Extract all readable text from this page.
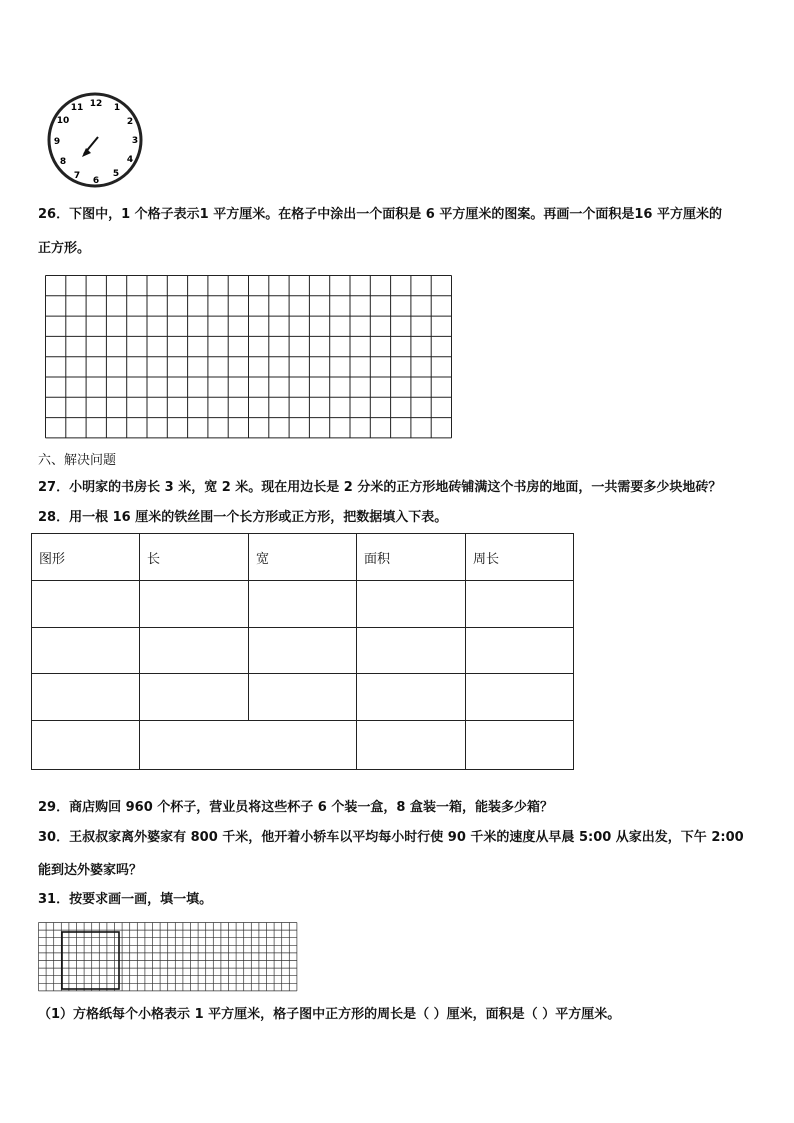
12 1
2
3
4
5
6
7
8
9
10
11
26．下图中，1 个格子表示1 平方厘米。在格子中涂出一个面积是 6 平方厘米的图案。再画一个面积是16 平方厘米的
正方形。
六、解决问题
27．小明家的书房长 3 米，宽 2 米。现在用边长是 2 分米的正方形地砖铺满这个书房的地面，一共需要多少块地砖？
28．用一根 16 厘米的铁丝围一个长方形或正方形，把数据填入下表。
图形	长	宽	面积	周长

29．商店购回 960 个杯子，营业员将这些杯子 6 个装一盒，8 盒装一箱，能装多少箱？
30．王叔叔家离外婆家有 800 千米，他开着小轿车以平均每小时行使 90 千米的速度从早晨 5:00 从家出发，下午 2:00
能到达外婆家吗？
31．按要求画一画，填一填。
（1）方格纸每个小格表示 1 平方厘米，格子图中正方形的周长是（ ）厘米，面积是（ ）平方厘米。
